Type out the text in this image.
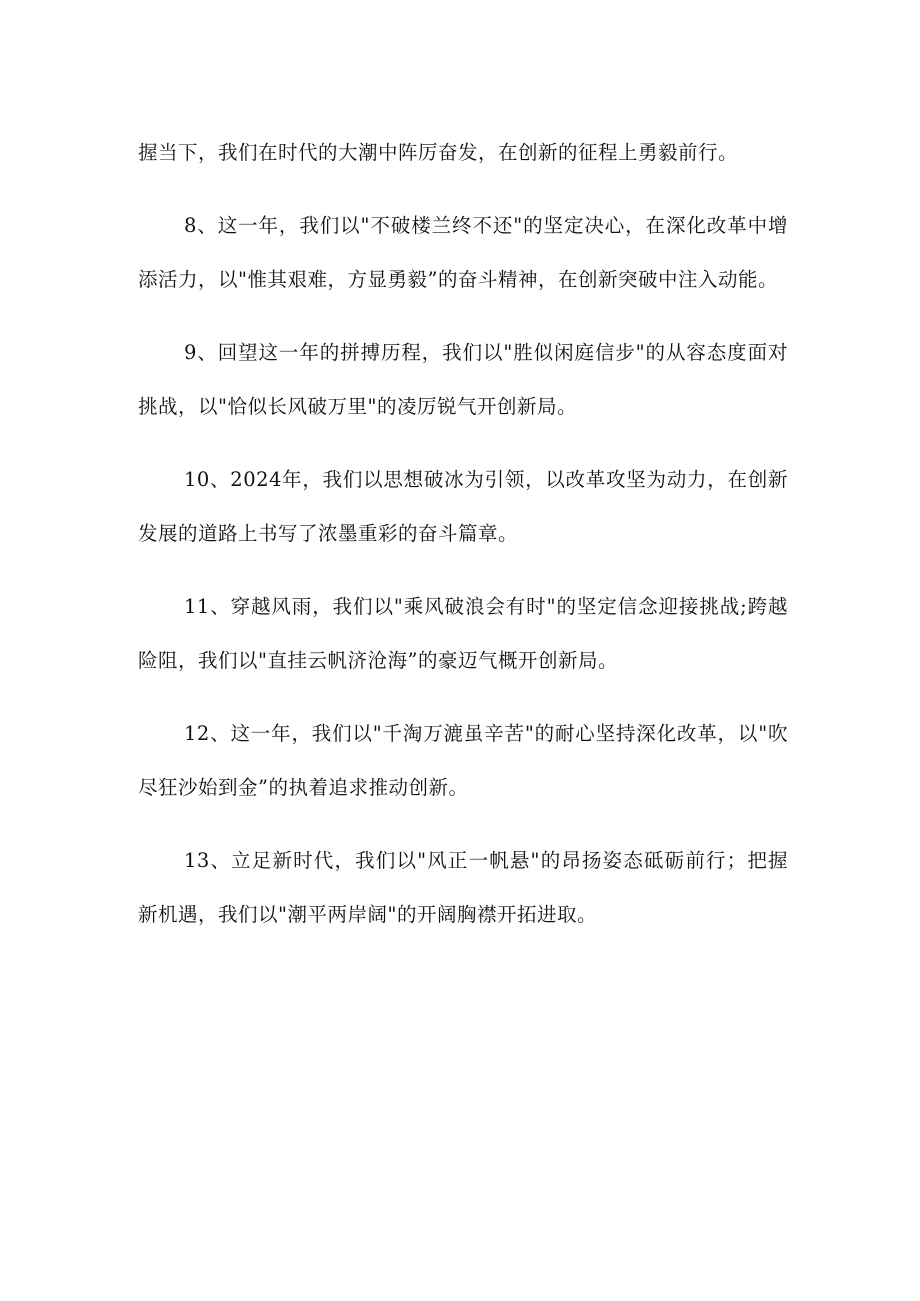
握当下，我们在时代的大潮中阵厉奋发，在创新的征程上勇毅前行。

8、这一年，我们以"不破楼兰终不还"的坚定决心，在深化改革中增添活力，以"惟其艰难，方显勇毅”的奋斗精神，在创新突破中注入动能。

9、回望这一年的拼搏历程，我们以"胜似闲庭信步"的从容态度面对挑战，以"恰似长风破万里"的凌厉锐气开创新局。

10、2024年，我们以思想破冰为引领，以改革攻坚为动力，在创新发展的道路上书写了浓墨重彩的奋斗篇章。

11、穿越风雨，我们以"乘风破浪会有时"的坚定信念迎接挑战;跨越险阻，我们以"直挂云帆济沧海”的豪迈气概开创新局。

12、这一年，我们以"千淘万漉虽辛苦"的耐心坚持深化改革，以"吹尽狂沙始到金”的执着追求推动创新。

13、立足新时代，我们以"风正一帆悬"的昂扬姿态砥砺前行；把握新机遇，我们以"潮平两岸阔"的开阔胸襟开拓进取。
